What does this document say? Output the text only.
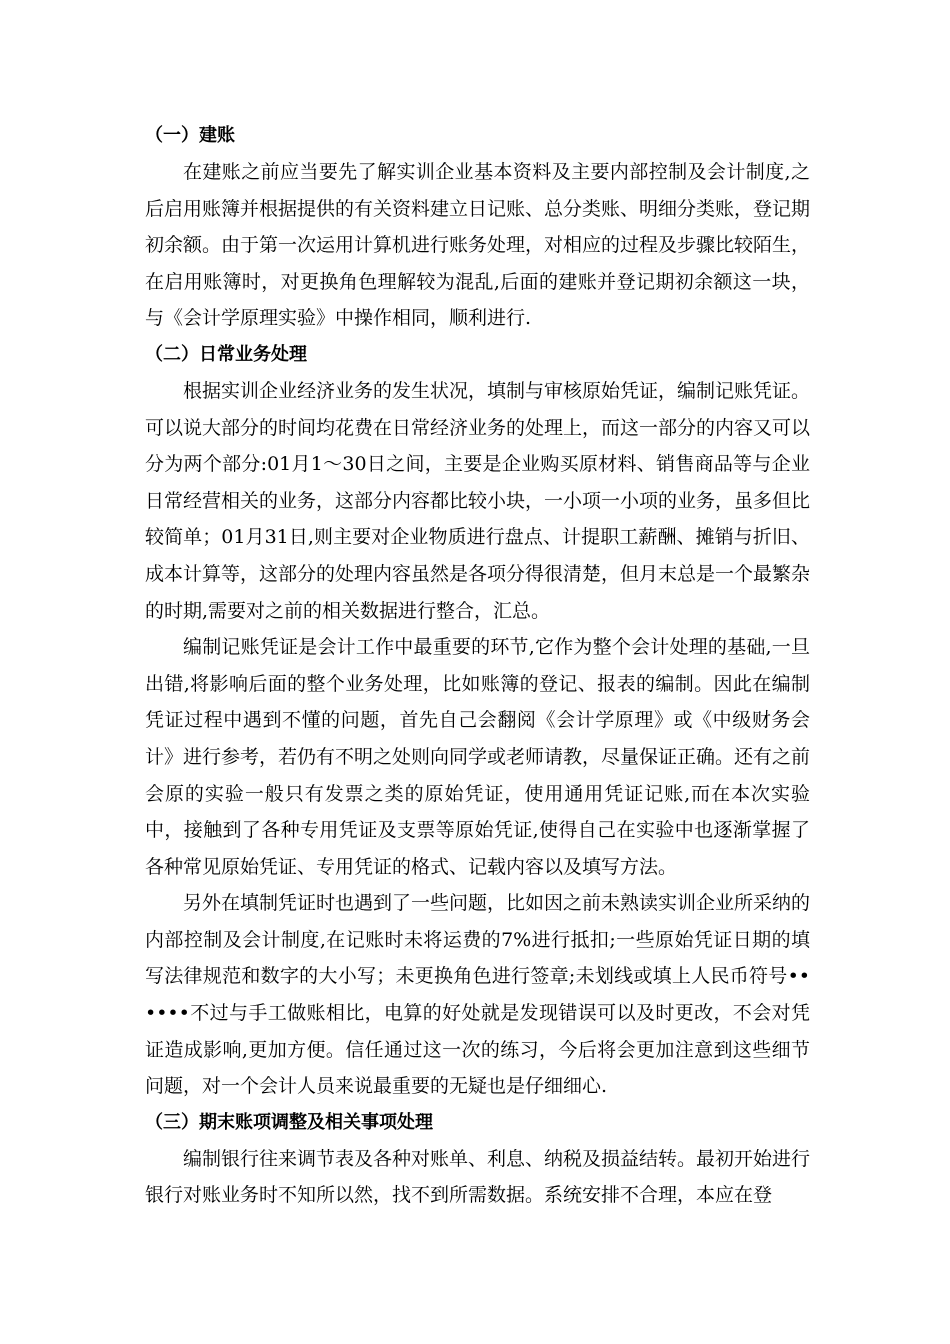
（一）建账

在建账之前应当要先了解实训企业基本资料及主要内部控制及会计制度,之后启用账簿并根据提供的有关资料建立日记账、总分类账、明细分类账，登记期初余额。由于第一次运用计算机进行账务处理，对相应的过程及步骤比较陌生，在启用账簿时，对更换角色理解较为混乱,后面的建账并登记期初余额这一块，与《会计学原理实验》中操作相同，顺利进行.

（二）日常业务处理

根据实训企业经济业务的发生状况，填制与审核原始凭证，编制记账凭证。可以说大部分的时间均花费在日常经济业务的处理上，而这一部分的内容又可以分为两个部分:01月1～30日之间，主要是企业购买原材料、销售商品等与企业日常经营相关的业务，这部分内容都比较小块，一小项一小项的业务，虽多但比较简单；01月31日,则主要对企业物质进行盘点、计提职工薪酬、摊销与折旧、成本计算等，这部分的处理内容虽然是各项分得很清楚，但月末总是一个最繁杂的时期,需要对之前的相关数据进行整合，汇总。

编制记账凭证是会计工作中最重要的环节,它作为整个会计处理的基础,一旦出错,将影响后面的整个业务处理，比如账簿的登记、报表的编制。因此在编制凭证过程中遇到不懂的问题，首先自己会翻阅《会计学原理》或《中级财务会计》进行参考，若仍有不明之处则向同学或老师请教，尽量保证正确。还有之前会原的实验一般只有发票之类的原始凭证，使用通用凭证记账,而在本次实验中，接触到了各种专用凭证及支票等原始凭证,使得自己在实验中也逐渐掌握了各种常见原始凭证、专用凭证的格式、记载内容以及填写方法。

另外在填制凭证时也遇到了一些问题，比如因之前未熟读实训企业所采纳的内部控制及会计制度,在记账时未将运费的7%进行抵扣;一些原始凭证日期的填写法律规范和数字的大小写；未更换角色进行签章;未划线或填上人民币符号••••••不过与手工做账相比，电算的好处就是发现错误可以及时更改，不会对凭证造成影响,更加方便。信任通过这一次的练习，今后将会更加注意到这些细节问题，对一个会计人员来说最重要的无疑也是仔细细心.

（三）期末账项调整及相关事项处理

编制银行往来调节表及各种对账单、利息、纳税及损益结转。最初开始进行银行对账业务时不知所以然，找不到所需数据。系统安排不合理，本应在登
